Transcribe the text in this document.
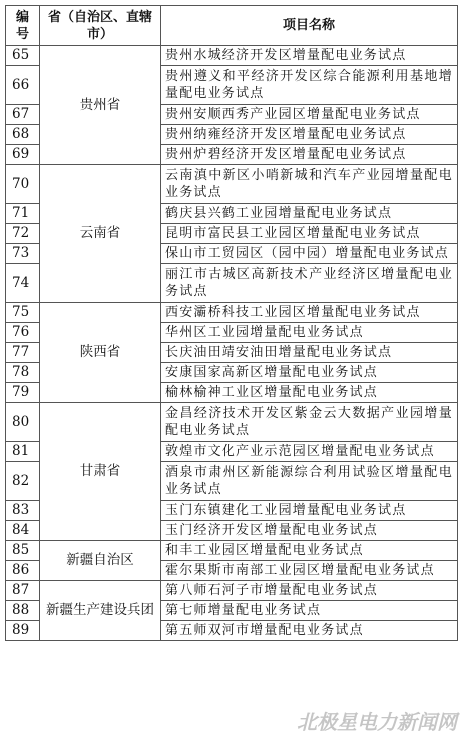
编号	省（自治区、直辖市）	项目名称
65	贵州省	贵州水城经济开发区增量配电业务试点
66		贵州遵义和平经济开发区综合能源利用基地增量配电业务试点
67		贵州安顺西秀产业园区增量配电业务试点
68		贵州纳雍经济开发区增量配电业务试点
69		贵州炉碧经济开发区增量配电业务试点
70	云南省	云南滇中新区小哨新城和汽车产业园增量配电业务试点
71		鹤庆县兴鹤工业园增量配电业务试点
72		昆明市富民县工业园区增量配电业务试点
73		保山市工贸园区（园中园）增量配电业务试点
74		丽江市古城区高新技术产业经济区增量配电业务试点
75	陕西省	西安灞桥科技工业园区增量配电业务试点
76		华州区工业园增量配电业务试点
77		长庆油田靖安油田增量配电业务试点
78		安康国家高新区增量配电业务试点
79		榆林榆神工业区增量配电业务试点
80	甘肃省	金昌经济技术开发区紫金云大数据产业园增量配电业务试点
81		敦煌市文化产业示范园区增量配电业务试点
82		酒泉市肃州区新能源综合利用试验区增量配电业务试点
83		玉门东镇建化工业园增量配电业务试点
84		玉门经济开发区增量配电业务试点
85	新疆自治区	和丰工业园区增量配电业务试点
86		霍尔果斯市南部工业园区增量配电业务试点
87	新疆生产建设兵团	第八师石河子市增量配电业务试点
88		第七师增量配电业务试点
89		第五师双河市增量配电业务试点
北极星电力新闻网
